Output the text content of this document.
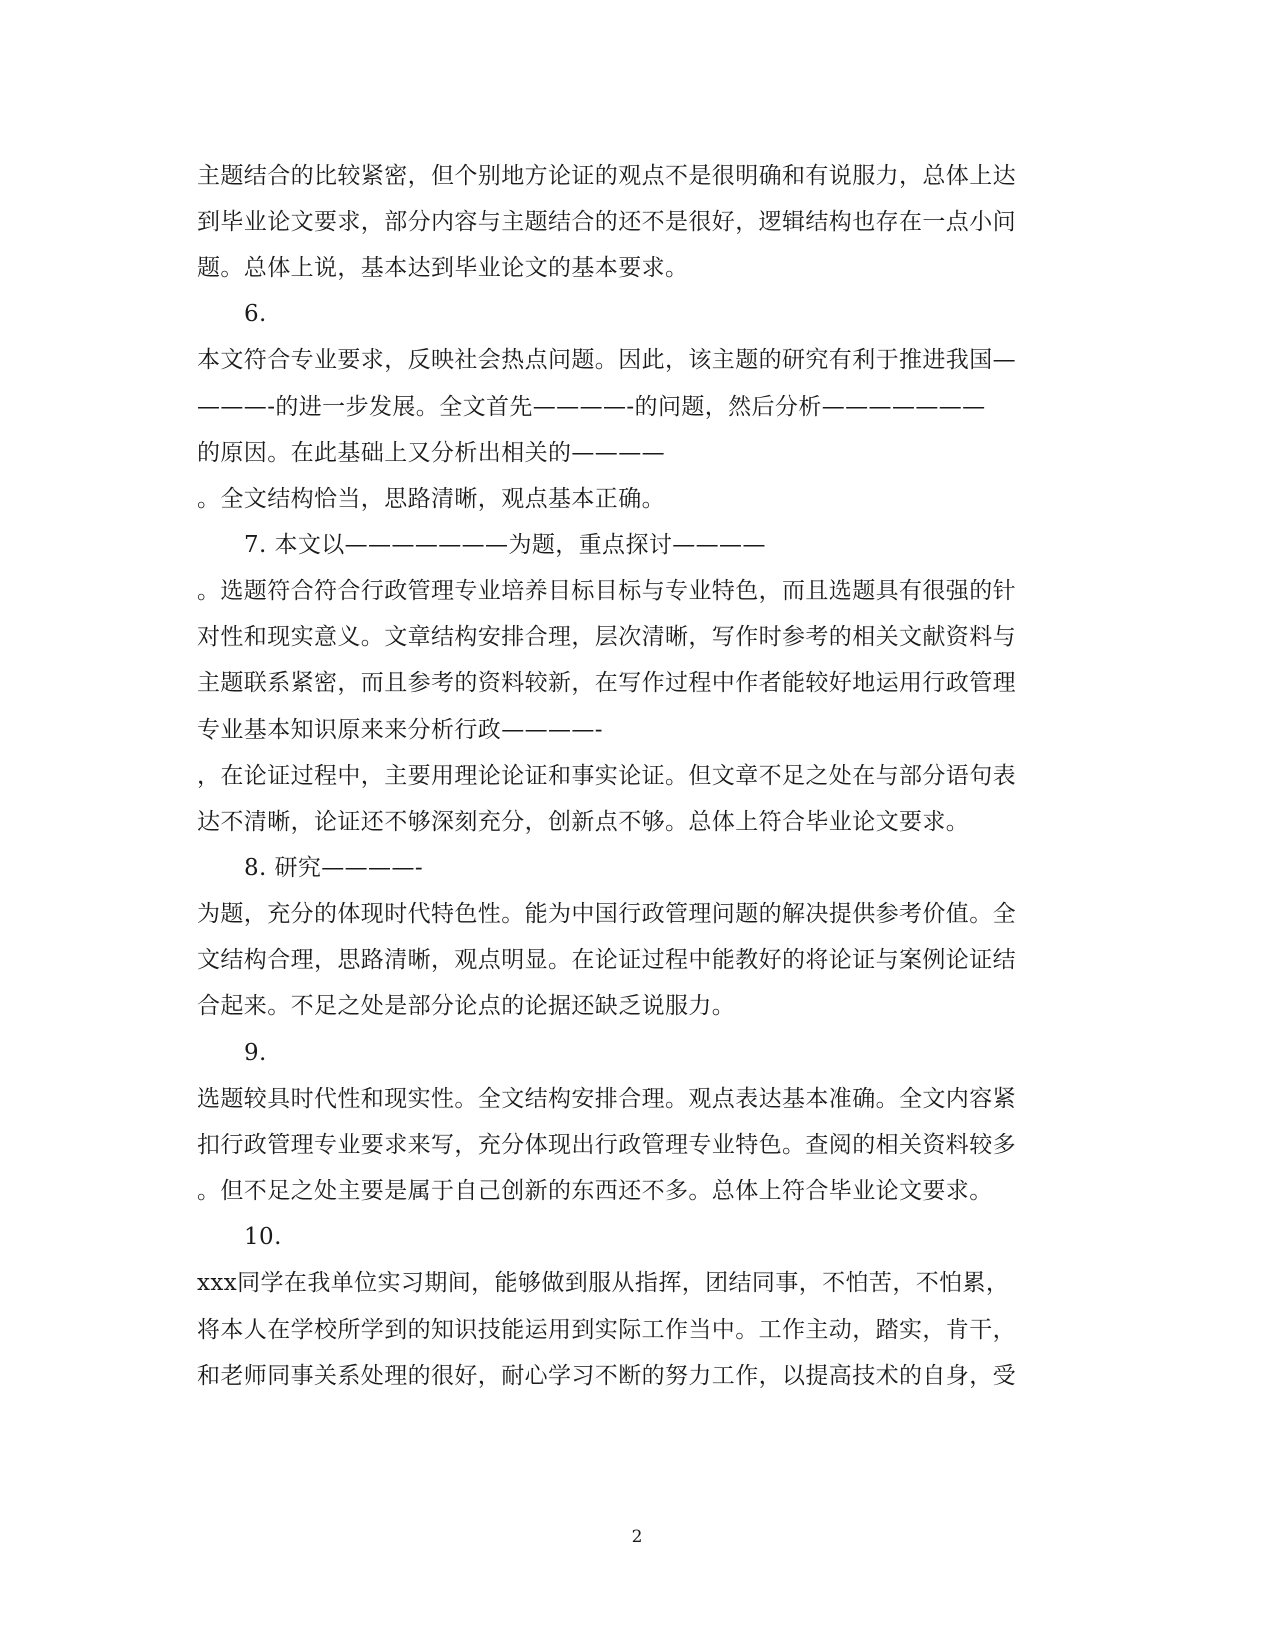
主题结合的比较紧密，但个别地方论证的观点不是很明确和有说服力，总体上达
到毕业论文要求，部分内容与主题结合的还不是很好，逻辑结构也存在一点小问
题。总体上说，基本达到毕业论文的基本要求。
6.
本文符合专业要求，反映社会热点问题。因此，该主题的研究有利于推进我国—
———-的进一步发展。全文首先————-的问题，然后分析———————
的原因。在此基础上又分析出相关的————
。全文结构恰当，思路清晰，观点基本正确。
7. 本文以———————为题，重点探讨————
。选题符合符合行政管理专业培养目标目标与专业特色，而且选题具有很强的针
对性和现实意义。文章结构安排合理，层次清晰，写作时参考的相关文献资料与
主题联系紧密，而且参考的资料较新，在写作过程中作者能较好地运用行政管理
专业基本知识原来来分析行政————-
，在论证过程中，主要用理论论证和事实论证。但文章不足之处在与部分语句表
达不清晰，论证还不够深刻充分，创新点不够。总体上符合毕业论文要求。
8. 研究————-
为题，充分的体现时代特色性。能为中国行政管理问题的解决提供参考价值。全
文结构合理，思路清晰，观点明显。在论证过程中能教好的将论证与案例论证结
合起来。不足之处是部分论点的论据还缺乏说服力。
9.
选题较具时代性和现实性。全文结构安排合理。观点表达基本准确。全文内容紧
扣行政管理专业要求来写，充分体现出行政管理专业特色。查阅的相关资料较多
。但不足之处主要是属于自己创新的东西还不多。总体上符合毕业论文要求。
10.
xxx同学在我单位实习期间，能够做到服从指挥，团结同事，不怕苦，不怕累，
将本人在学校所学到的知识技能运用到实际工作当中。工作主动，踏实，肯干，
和老师同事关系处理的很好，耐心学习不断的努力工作，以提高技术的自身，受
2
